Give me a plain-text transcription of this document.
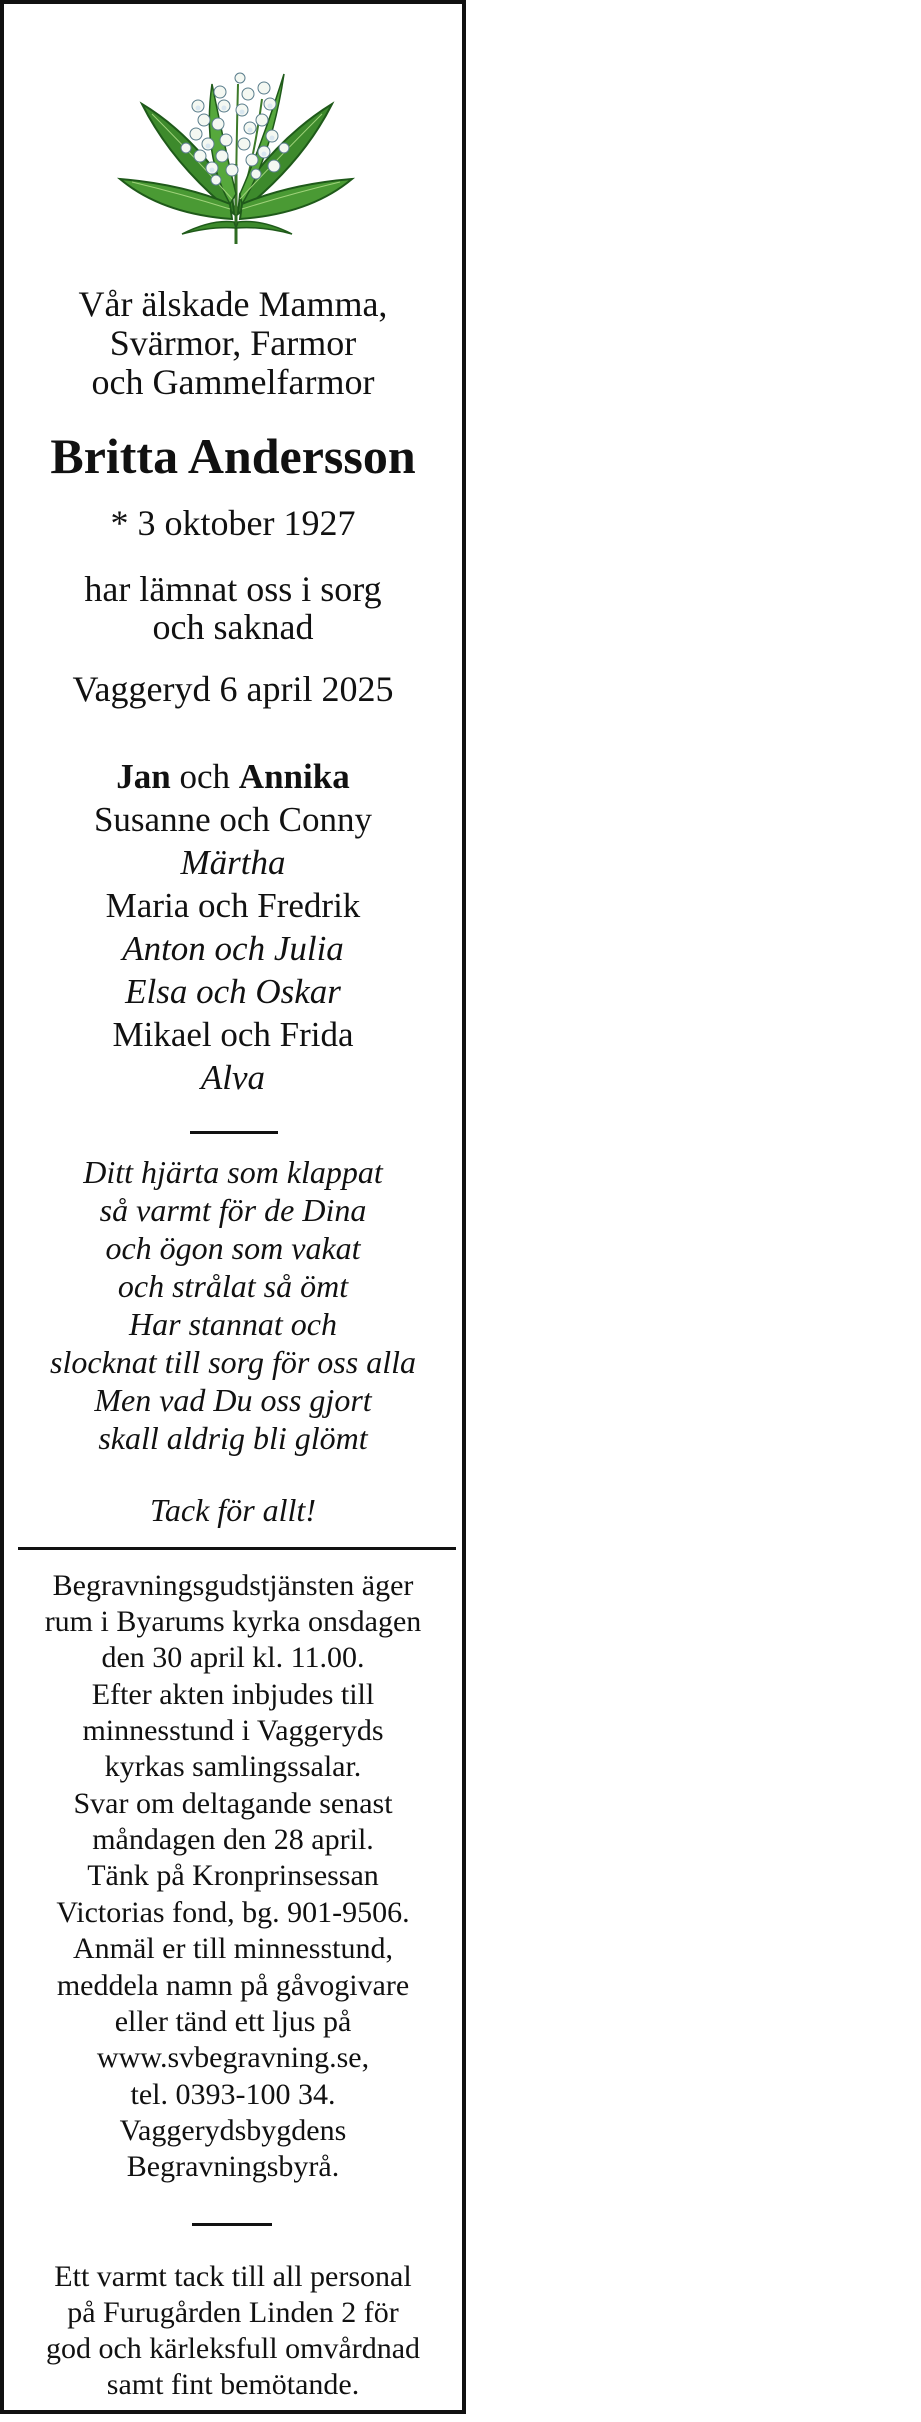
Vår älskade Mamma,
Svärmor, Farmor
och Gammelfarmor
Britta Andersson
* 3 oktober 1927
har lämnat oss i sorg
och saknad
Vaggeryd 6 april 2025
Jan och Annika
Susanne och Conny
Märtha
Maria och Fredrik
Anton och Julia
Elsa och Oskar
Mikael och Frida
Alva
Ditt hjärta som klappat
så varmt för de Dina
och ögon som vakat
och strålat så ömt
Har stannat och
slocknat till sorg för oss alla
Men vad Du oss gjort
skall aldrig bli glömt
Tack för allt!
Begravningsgudstjänsten äger
rum i Byarums kyrka onsdagen
den 30 april kl. 11.00.
Efter akten inbjudes till
minnesstund i Vaggeryds
kyrkas samlingssalar.
Svar om deltagande senast
måndagen den 28 april.
Tänk på Kronprinsessan
Victorias fond, bg. 901-9506.
Anmäl er till minnesstund,
meddela namn på gåvogivare
eller tänd ett ljus på
www.svbegravning.se,
tel. 0393-100 34.
Vaggerydsbygdens
Begravningsbyrå.
Ett varmt tack till all personal
på Furugården Linden 2 för
god och kärleksfull omvårdnad
samt fint bemötande.
